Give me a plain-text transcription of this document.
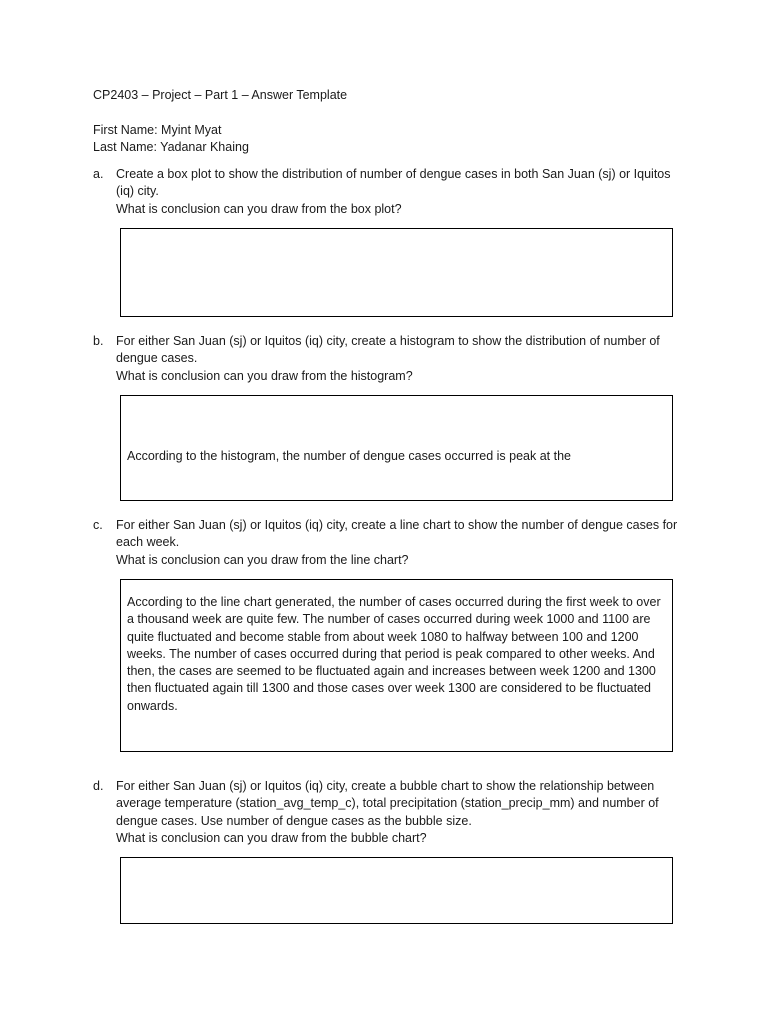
CP2403 – Project – Part 1 – Answer Template
First Name: Myint Myat
Last Name: Yadanar Khaing
a. Create a box plot to show the distribution of number of dengue cases in both San Juan (sj) or Iquitos (iq) city.

What is conclusion can you draw from the box plot?

b. For either San Juan (sj) or Iquitos (iq) city, create a histogram to show the distribution of number of dengue cases.

What is conclusion can you draw from the histogram?

According to the histogram, the number of dengue cases occurred is peak at the

c. For either San Juan (sj) or Iquitos (iq) city, create a line chart to show the number of dengue cases for each week.

What is conclusion can you draw from the line chart?

According to the line chart generated, the number of cases occurred during the first week to over a thousand week are quite few. The number of cases occurred during week 1000 and 1100 are quite fluctuated and become stable from about week 1080 to halfway between 100 and 1200 weeks. The number of cases occurred during that period is peak compared to other weeks. And then, the cases are seemed to be fluctuated again and increases between week 1200 and 1300 then fluctuated again till 1300 and those cases over week 1300 are considered to be fluctuated onwards.

d. For either San Juan (sj) or Iquitos (iq) city, create a bubble chart to show the relationship between average temperature (station_avg_temp_c), total precipitation (station_precip_mm) and number of dengue cases. Use number of dengue cases as the bubble size.

What is conclusion can you draw from the bubble chart?
